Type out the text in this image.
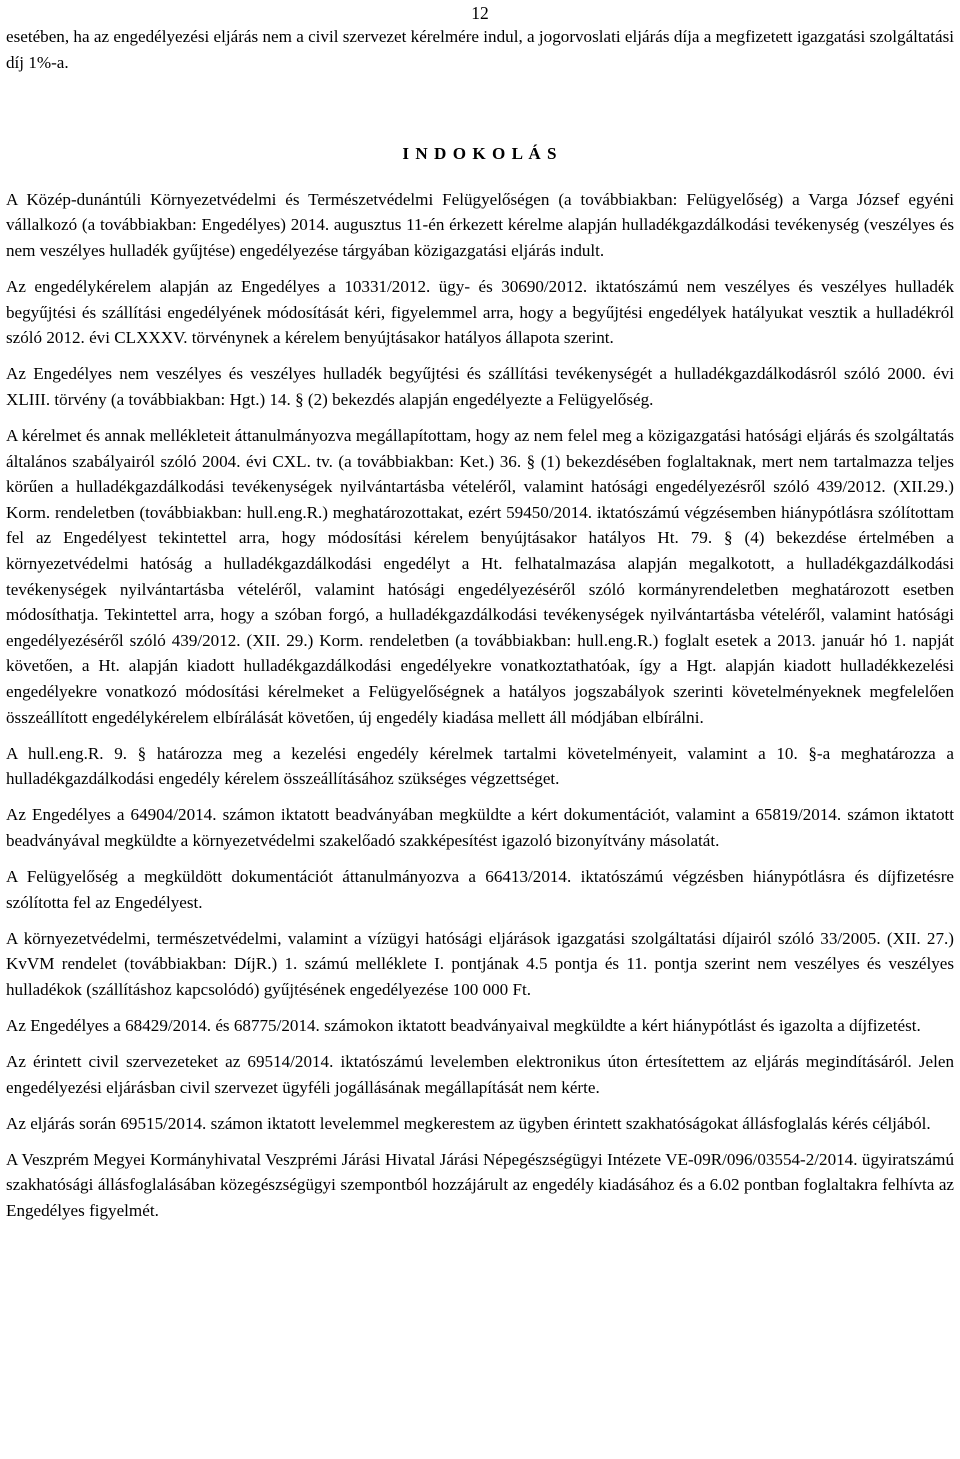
12

esetében, ha az engedélyezési eljárás nem a civil szervezet kérelmére indul, a jogorvoslati eljárás díja a megfizetett igazgatási szolgáltatási díj 1%-a.

I N D O K O L Á S

A Közép-dunántúli Környezetvédelmi és Természetvédelmi Felügyelőségen (a továbbiakban: Felügyelőség) a Varga József egyéni vállalkozó (a továbbiakban: Engedélyes) 2014. augusztus 11-én érkezett kérelme alapján hulladékgazdálkodási tevékenység (veszélyes és nem veszélyes hulladék gyűjtése) engedélyezése tárgyában közigazgatási eljárás indult.

Az engedélykérelem alapján az Engedélyes a 10331/2012. ügy- és 30690/2012. iktatószámú nem veszélyes és veszélyes hulladék begyűjtési és szállítási engedélyének módosítását kéri, figyelemmel arra, hogy a begyűjtési engedélyek hatályukat vesztik a hulladékról szóló 2012. évi CLXXXV. törvénynek a kérelem benyújtásakor hatályos állapota szerint.

Az Engedélyes nem veszélyes és veszélyes hulladék begyűjtési és szállítási tevékenységét a hulladékgazdálkodásról szóló 2000. évi XLIII. törvény (a továbbiakban: Hgt.) 14. § (2) bekezdés alapján engedélyezte a Felügyelőség.

A kérelmet és annak mellékleteit áttanulmányozva megállapítottam, hogy az nem felel meg a közigazgatási hatósági eljárás és szolgáltatás általános szabályairól szóló 2004. évi CXL. tv. (a továbbiakban: Ket.) 36. § (1) bekezdésében foglaltaknak, mert nem tartalmazza teljes körűen a hulladékgazdálkodási tevékenységek nyilvántartásba vételéről, valamint hatósági engedélyezésről szóló 439/2012. (XII.29.) Korm. rendeletben (továbbiakban: hull.eng.R.) meghatározottakat, ezért 59450/2014. iktatószámú végzésemben hiánypótlásra szólítottam fel az Engedélyest tekintettel arra, hogy módosítási kérelem benyújtásakor hatályos Ht. 79. § (4) bekezdése értelmében a környezetvédelmi hatóság a hulladékgazdálkodási engedélyt a Ht. felhatalmazása alapján megalkotott, a hulladékgazdálkodási tevékenységek nyilvántartásba vételéről, valamint hatósági engedélyezéséről szóló kormányrendeletben meghatározott esetben módosíthatja. Tekintettel arra, hogy a szóban forgó, a hulladékgazdálkodási tevékenységek nyilvántartásba vételéről, valamint hatósági engedélyezéséről szóló 439/2012. (XII. 29.) Korm. rendeletben (a továbbiakban: hull.eng.R.) foglalt esetek a 2013. január hó 1. napját követően, a Ht. alapján kiadott hulladékgazdálkodási engedélyekre vonatkoztathatóak, így a Hgt. alapján kiadott hulladékkezelési engedélyekre vonatkozó módosítási kérelmeket a Felügyelőségnek a hatályos jogszabályok szerinti követelményeknek megfelelően összeállított engedélykérelem elbírálását követően, új engedély kiadása mellett áll módjában elbírálni.

A hull.eng.R. 9. § határozza meg a kezelési engedély kérelmek tartalmi követelményeit, valamint a 10. §-a meghatározza a hulladékgazdálkodási engedély kérelem összeállításához szükséges végzettséget.

Az Engedélyes a 64904/2014. számon iktatott beadványában megküldte a kért dokumentációt, valamint a 65819/2014. számon iktatott beadványával megküldte a környezetvédelmi szakelőadó szakképesítést igazoló bizonyítvány másolatát.

A Felügyelőség a megküldött dokumentációt áttanulmányozva a 66413/2014. iktatószámú végzésben hiánypótlásra és díjfizetésre szólította fel az Engedélyest.

A környezetvédelmi, természetvédelmi, valamint a vízügyi hatósági eljárások igazgatási szolgáltatási díjairól szóló 33/2005. (XII. 27.) KvVM rendelet (továbbiakban: DíjR.) 1. számú melléklete I. pontjának 4.5 pontja és 11. pontja szerint nem veszélyes és veszélyes hulladékok (szállításhoz kapcsolódó) gyűjtésének engedélyezése 100 000 Ft.

Az Engedélyes a 68429/2014. és 68775/2014. számokon iktatott beadványaival megküldte a kért hiánypótlást és igazolta a díjfizetést.

Az érintett civil szervezeteket az 69514/2014. iktatószámú levelemben elektronikus úton értesítettem az eljárás megindításáról. Jelen engedélyezési eljárásban civil szervezet ügyféli jogállásának megállapítását nem kérte.

Az eljárás során 69515/2014. számon iktatott levelemmel megkerestem az ügyben érintett szakhatóságokat állásfoglalás kérés céljából.

A Veszprém Megyei Kormányhivatal Veszprémi Járási Hivatal Járási Népegészségügyi Intézete VE-09R/096/03554-2/2014. ügyiratszámú szakhatósági állásfoglalásában közegészségügyi szempontból hozzájárult az engedély kiadásához és a 6.02 pontban foglaltakra felhívta az Engedélyes figyelmét.
